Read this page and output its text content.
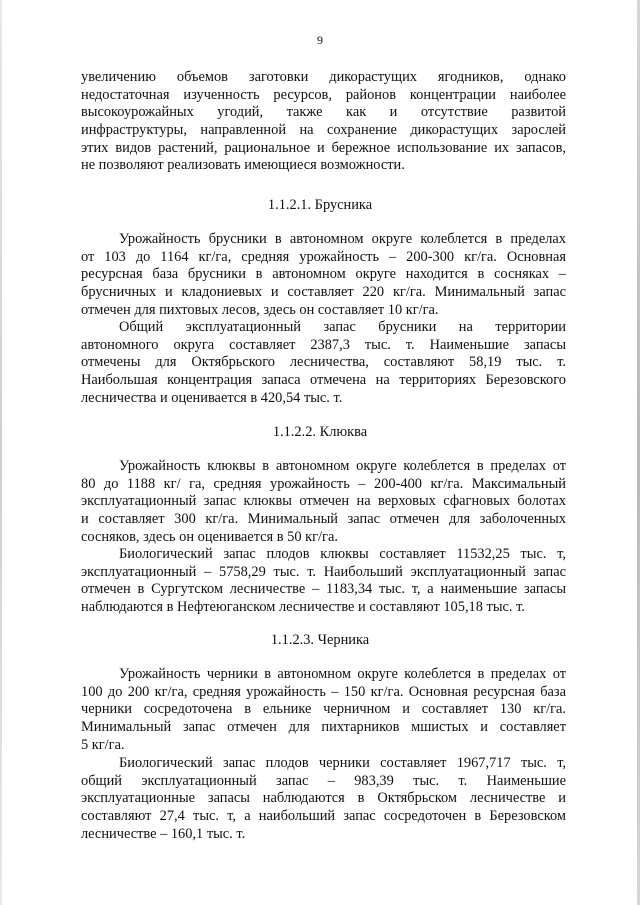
9
увеличению объемов заготовки дикорастущих ягодников, однако
недостаточная изученность ресурсов, районов концентрации наиболее
высокоурожайных угодий, также как и отсутствие развитой
инфраструктуры, направленной на сохранение дикорастущих зарослей
этих видов растений, рациональное и бережное использование их запасов,
не позволяют реализовать имеющиеся возможности.
1.1.2.1. Брусника
Урожайность брусники в автономном округе колеблется в пределах
от 103 до 1164 кг/га, средняя урожайность – 200-300 кг/га. Основная
ресурсная база брусники в автономном округе находится в сосняках –
брусничных и кладониевых и составляет 220 кг/га. Минимальный запас
отмечен для пихтовых лесов, здесь он составляет 10 кг/га.
Общий эксплуатационный запас брусники на территории
автономного округа составляет 2387,3 тыс. т. Наименьшие запасы
отмечены для Октябрьского лесничества, составляют 58,19 тыс. т.
Наибольшая концентрация запаса отмечена на территориях Березовского
лесничества и оценивается в 420,54 тыс. т.
1.1.2.2. Клюква
Урожайность клюквы в автономном округе колеблется в пределах от
80 до 1188 кг/ га, средняя урожайность – 200-400 кг/га. Максимальный
эксплуатационный запас клюквы отмечен на верховых сфагновых болотах
и составляет 300 кг/га. Минимальный запас отмечен для заболоченных
сосняков, здесь он оценивается в 50 кг/га.
Биологический запас плодов клюквы составляет 11532,25 тыс. т,
эксплуатационный – 5758,29 тыс. т. Наибольший эксплуатационный запас
отмечен в Сургутском лесничестве – 1183,34 тыс. т, а наименьшие запасы
наблюдаются в Нефтеюганском лесничестве и составляют 105,18 тыс. т.
1.1.2.3. Черника
Урожайность черники в автономном округе колеблется в пределах от
100 до 200 кг/га, средняя урожайность – 150 кг/га. Основная ресурсная база
черники сосредоточена в ельнике черничном и составляет 130 кг/га.
Минимальный запас отмечен для пихтарников мшистых и составляет
5 кг/га.
Биологический запас плодов черники составляет 1967,717 тыс. т,
общий эксплуатационный запас – 983,39 тыс. т. Наименьшие
эксплуатационные запасы наблюдаются в Октябрьском лесничестве и
составляют 27,4 тыс. т, а наибольший запас сосредоточен в Березовском
лесничестве – 160,1 тыс. т.
